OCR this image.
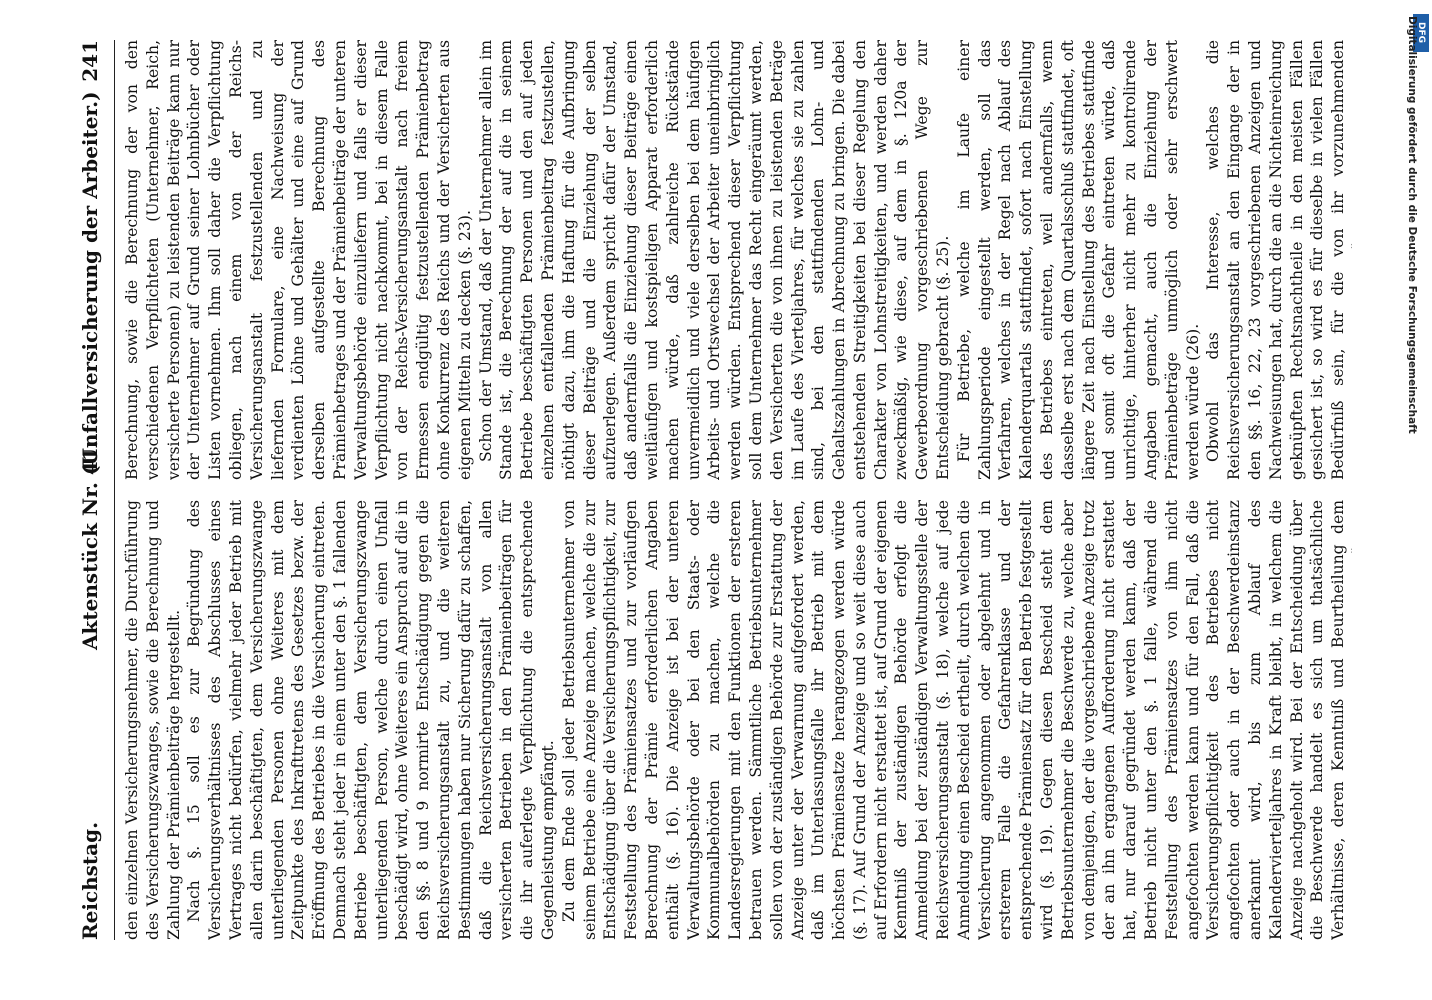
Reichstag.
Aktenstück Nr. 41.
(Unfallversicherung der Arbeiter.)
241

den einzelnen Versicherungsnehmer, die Durchführung des Versicherungszwanges, sowie die Berechnung und Zahlung der Prämienbeiträge hergestellt. Nach §. 15 soll es zur Begründung des Versicherungsverhältnisses des Abschlusses eines Vertrages nicht bedürfen, vielmehr jeder Betrieb mit allen darin beschäftigten, dem Versicherungszwange unterliegenden Personen ohne Weiteres mit dem Zeitpunkte des Inkrafttretens des Gesetzes bezw. der Eröffnung des Betriebes in die Versicherung eintreten. Demnach steht jeder in einem unter den §. 1 fallenden Betriebe beschäftigten, dem Versicherungszwange unterliegenden Person, welche durch einen Unfall beschädigt wird, ohne Weiteres ein Anspruch auf die in den §§. 8 und 9 normirte Entschädigung gegen die Reichsversicherungsanstalt zu, und die weiteren Bestimmungen haben nur Sicherung dafür zu schaffen, daß die Reichsversicherungsanstalt von allen versicherten Betrieben in den Prämienbeiträgen für die ihr auferlegte Verpflichtung die entsprechende Gegenleistung empfängt. Zu dem Ende soll jeder Betriebsunternehmer von seinem Betriebe eine Anzeige machen, welche die zur Entschädigung über die Versicherungspflichtigkeit, zur Feststellung des Prämiensatzes und zur vorläufigen Berechnung der Prämie erforderlichen Angaben enthält (§. 16). Die Anzeige ist bei der unteren Verwaltungsbehörde oder bei den Staats- oder Kommunalbehörden zu machen, welche die Landesregierungen mit den Funktionen der ersteren betrauen werden. Sämmtliche Betriebsunternehmer sollen von der zuständigen Behörde zur Erstattung der Anzeige unter der Verwarnung aufgefordert werden, daß im Unterlassungsfalle ihr Betrieb mit dem höchsten Prämiensatze herangezogen werden würde (§. 17). Auf Grund der Anzeige und so weit diese auch auf Erfordern nicht erstattet ist, auf Grund der eigenen Kenntniß der zuständigen Behörde erfolgt die Anmeldung bei der zuständigen Verwaltungsstelle der Reichsversicherungsanstalt (§. 18), welche auf jede Anmeldung einen Bescheid ertheilt, durch welchen die Versicherung angenommen oder abgelehnt und in ersterem Falle die Gefahrenklasse und der entsprechende Prämiensatz für den Betrieb festgestellt wird (§. 19). Gegen diesen Bescheid steht dem Betriebsunternehmer die Beschwerde zu, welche aber von demjenigen, der die vorgeschriebene Anzeige trotz der an ihn ergangenen Aufforderung nicht erstattet hat, nur darauf gegründet werden kann, daß der Betrieb nicht unter den §. 1 falle, während die Feststellung des Prämiensatzes von ihm nicht angefochten werden kann und für den Fall, daß die Versicherungspflichtigkeit des Betriebes nicht angefochten oder auch in der Beschwerdeinstanz anerkannt wird, bis zum Ablauf des Kalendervierteljahres in Kraft bleibt, in welchem die Anzeige nachgeholt wird. Bei der Entscheidung über die Beschwerde handelt es sich um thatsächliche Verhältnisse, deren Kenntniß und Beurtheilung dem

Berechnung, sowie die Berechnung der von den verschiedenen Verpflichteten (Unternehmer, Reich, versicherte Personen) zu leistenden Beiträge kann nur der Unternehmer auf Grund seiner Lohnbücher oder Listen vornehmen. Ihm soll daher die Verpflichtung obliegen, nach einem von der Reichs-Versicherungsanstalt festzustellenden und zu liefernden Formulare, eine Nachweisung der verdienten Löhne und Gehälter und eine auf Grund derselben aufgestellte Berechnung des Prämienbetrages und der Prämienbeiträge der unteren Verwaltungsbehörde einzuliefern und falls er dieser Verpflichtung nicht nachkommt, bei in diesem Falle von der Reichs-Versicherungsanstalt nach freiem Ermessen endgültig festzustellenden Prämienbetrag ohne Konkurrenz des Reichs und der Versicherten aus eigenen Mitteln zu decken (§. 23). Schon der Umstand, daß der Unternehmer allein im Stande ist, die Berechnung der auf die in seinem Betriebe beschäftigten Personen und den auf jeden einzelnen entfallenden Prämienbeitrag festzustellen, nöthigt dazu, ihm die Haftung für die Aufbringung dieser Beiträge und die Einziehung der selben aufzuerlegen. Außerdem spricht dafür der Umstand, daß andernfalls die Einziehung dieser Beiträge einen weitläufigen und kostspieligen Apparat erforderlich machen würde, daß zahlreiche Rückstände unvermeidlich und viele derselben bei dem häufigen Arbeits- und Ortswechsel der Arbeiter uneinbringlich werden würden. Entsprechend dieser Verpflichtung soll dem Unternehmer das Recht eingeräumt werden, den Versicherten die von ihnen zu leistenden Beträge im Laufe des Vierteljahres, für welches sie zu zahlen sind, bei den stattfindenden Lohn- und Gehaltszahlungen in Abrechnung zu bringen. Die dabei entstehenden Streitigkeiten bei dieser Regelung den Charakter von Lohnstreitigkeiten, und werden daher zweckmäßig, wie diese, auf dem in §. 120a der Gewerbeordnung vorgeschriebenen Wege zur Entscheidung gebracht (§. 25). Für Betriebe, welche im Laufe einer Zahlungsperiode eingestellt werden, soll das Verfahren, welches in der Regel nach Ablauf des Kalenderquartals stattfindet, sofort nach Einstellung des Betriebes eintreten, weil andernfalls, wenn dasselbe erst nach dem Quartalsschluß stattfindet, oft längere Zeit nach Einstellung des Betriebes stattfinde und somit oft die Gefahr eintreten würde, daß unrichtige, hinterher nicht mehr zu kontrolirende Angaben gemacht, auch die Einziehung der Prämienbeträge unmöglich oder sehr erschwert werden würde (26). Obwohl das Interesse, welches die Reichsversicherungsanstalt an den Eingange der in den §§. 16, 22, 23 vorgeschriebenen Anzeigen und Nachweisungen hat, durch die an die Nichteinreichung geknüpften Rechtsnachtheile in den meisten Fällen gesichert ist, so wird es für dieselbe in vielen Fällen Bedürfniß sein, für die von ihr vorzunehmenden

DFG
Digitalisierung gefördert durch die Deutsche Forschungsgemeinschaft
